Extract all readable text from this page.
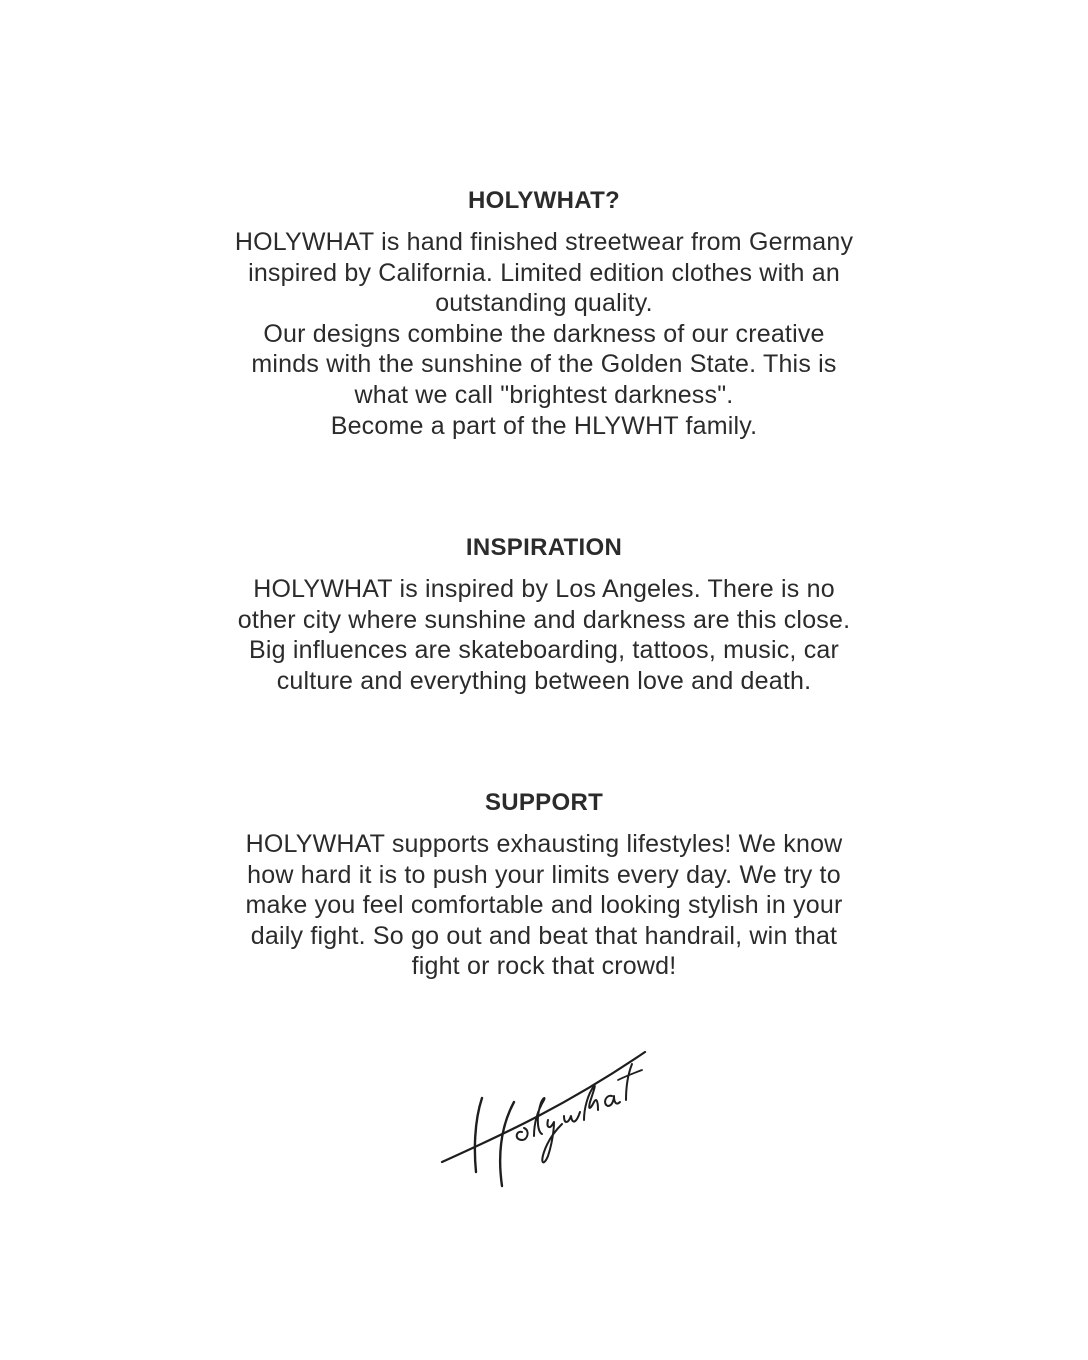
HOLYWHAT?
HOLYWHAT is hand finished streetwear from Germany
inspired by California. Limited edition clothes with an
outstanding quality.
Our designs combine the darkness of our creative
minds with the sunshine of the Golden State. This is
what we call "brightest darkness".
Become a part of the HLYWHT family.
INSPIRATION
HOLYWHAT is inspired by Los Angeles. There is no
other city where sunshine and darkness are this close.
Big influences are skateboarding, tattoos, music, car
culture and everything between love and death.
SUPPORT
HOLYWHAT supports exhausting lifestyles! We know
how hard it is to push your limits every day. We try to
make you feel comfortable and looking stylish in your
daily fight. So go out and beat that handrail, win that
fight or rock that crowd!
